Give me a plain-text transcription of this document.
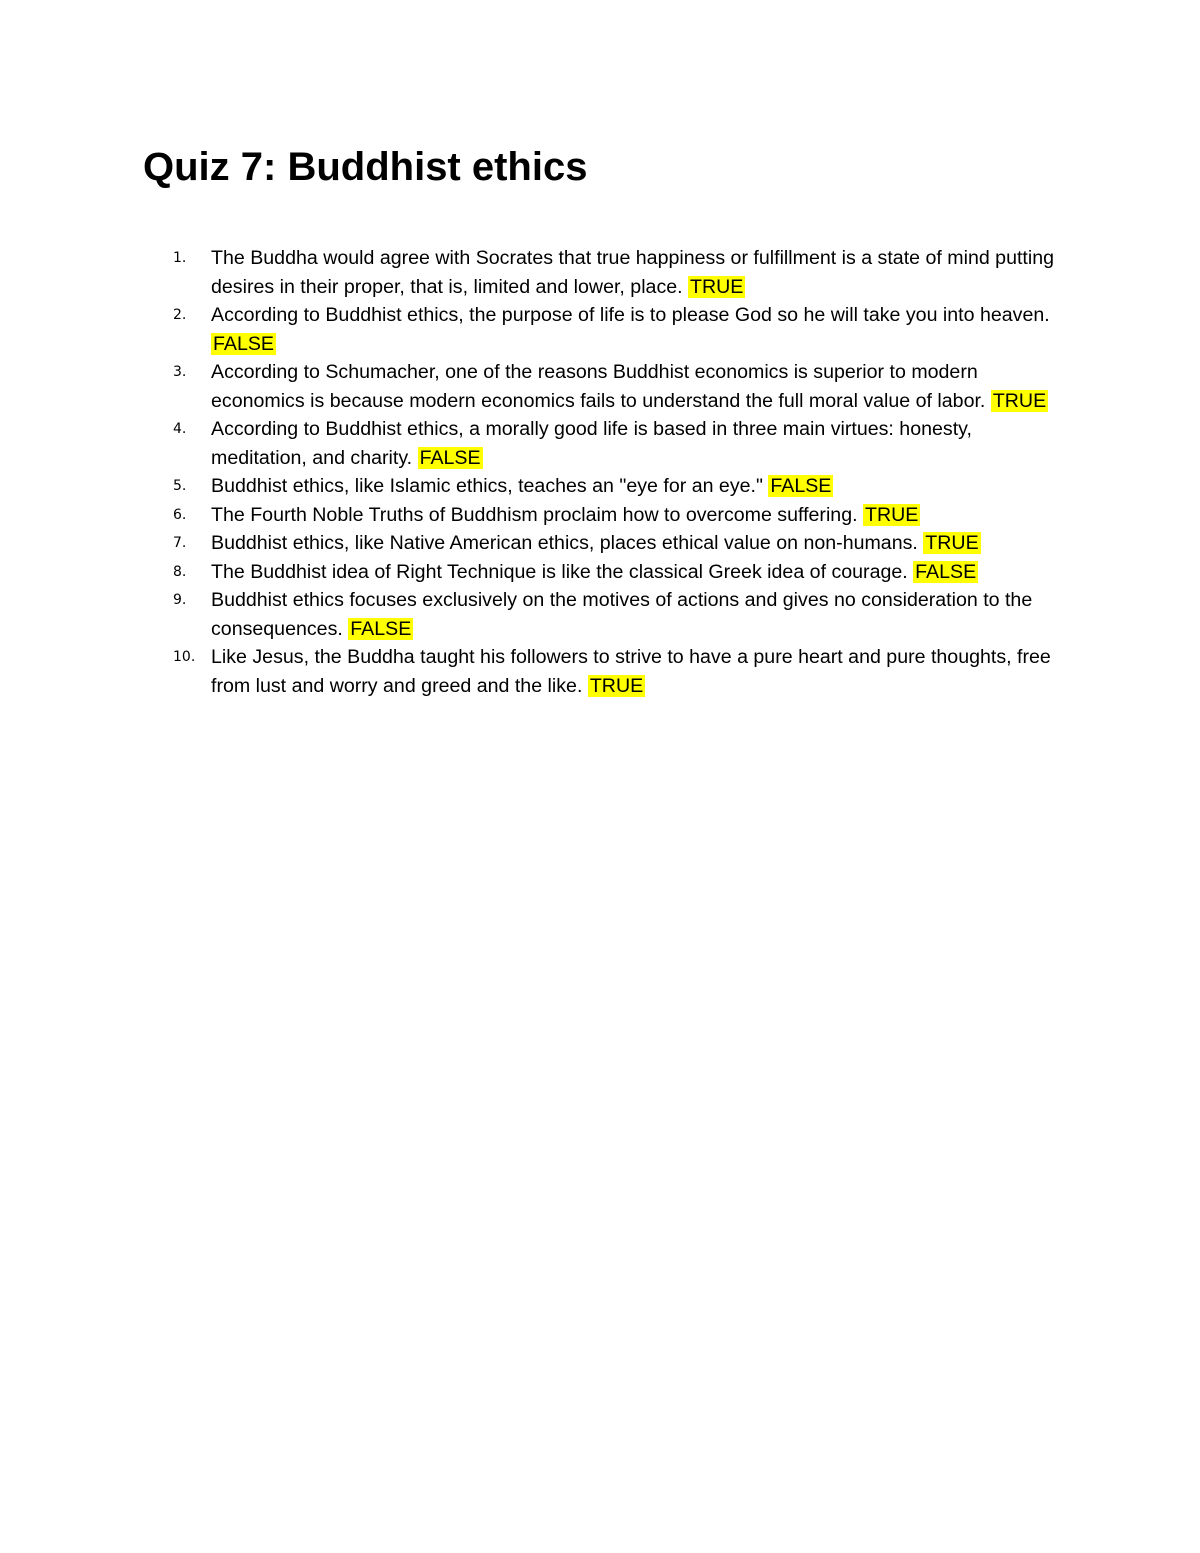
Quiz 7: Buddhist ethics
1. The Buddha would agree with Socrates that true happiness or fulfillment is a state of mind putting desires in their proper, that is, limited and lower, place. TRUE
2. According to Buddhist ethics, the purpose of life is to please God so he will take you into heaven. FALSE
3. According to Schumacher, one of the reasons Buddhist economics is superior to modern economics is because modern economics fails to understand the full moral value of labor. TRUE
4. According to Buddhist ethics, a morally good life is based in three main virtues: honesty, meditation, and charity. FALSE
5. Buddhist ethics, like Islamic ethics, teaches an "eye for an eye." FALSE
6. The Fourth Noble Truths of Buddhism proclaim how to overcome suffering. TRUE
7. Buddhist ethics, like Native American ethics, places ethical value on non-humans. TRUE
8. The Buddhist idea of Right Technique is like the classical Greek idea of courage. FALSE
9. Buddhist ethics focuses exclusively on the motives of actions and gives no consideration to the consequences. FALSE
10. Like Jesus, the Buddha taught his followers to strive to have a pure heart and pure thoughts, free from lust and worry and greed and the like. TRUE
